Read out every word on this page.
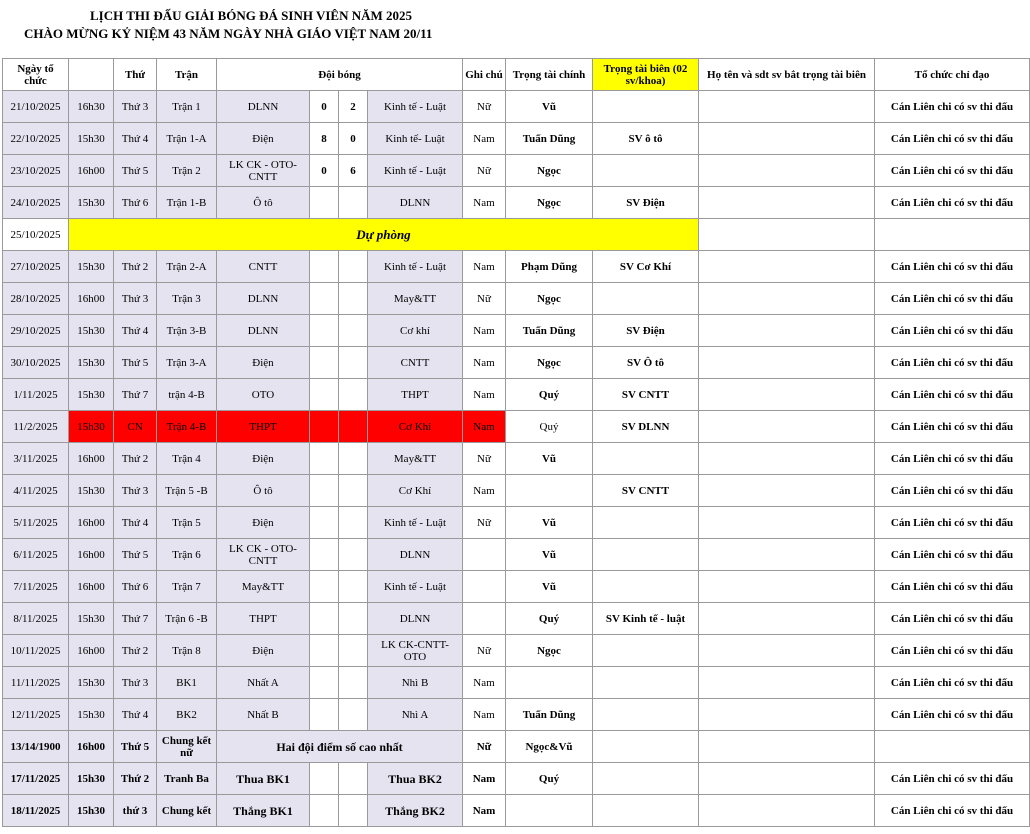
LỊCH THI ĐẤU GIẢI BÓNG ĐÁ SINH VIÊN NĂM 2025
CHÀO MỪNG KỶ NIỆM 43 NĂM NGÀY NHÀ GIÁO VIỆT NAM 20/11
Ngày tổ chức		Thứ	Trận	Đội bóng				Ghi chú	Trọng tài chính	Trọng tài biên (02 sv/khoa)	Họ tên và sdt sv bắt trọng tài biên	Tổ chức chỉ đạo
21/10/2025	16h30	Thứ 3	Trận 1	DLNN	0	2	Kinh tế - Luật	Nữ	Vũ			Cán Liên chi có sv thi đấu
22/10/2025	15h30	Thứ 4	Trận 1-A	Điện	8	0	Kinh tế- Luật	Nam	Tuấn Dũng	SV ô tô		Cán Liên chi có sv thi đấu
23/10/2025	16h00	Thứ 5	Trận 2	LK CK - OTO-CNTT	0	6	Kinh tế - Luật	Nữ	Ngọc			Cán Liên chi có sv thi đấu
24/10/2025	15h30	Thứ 6	Trận 1-B	Ô tô			DLNN	Nam	Ngọc	SV Điện		Cán Liên chi có sv thi đấu
25/10/2025	Dự phòng											
27/10/2025	15h30	Thứ 2	Trận 2-A	CNTT			Kinh tế - Luật	Nam	Phạm Dũng	SV Cơ Khí		Cán Liên chi có sv thi đấu
28/10/2025	16h00	Thứ 3	Trận 3	DLNN			May&TT	Nữ	Ngọc			Cán Liên chi có sv thi đấu
29/10/2025	15h30	Thứ 4	Trận 3-B	DLNN			Cơ khí	Nam	Tuấn Dũng	SV Điện		Cán Liên chi có sv thi đấu
30/10/2025	15h30	Thứ 5	Trận 3-A	Điện			CNTT	Nam	Ngọc	SV Ô tô		Cán Liên chi có sv thi đấu
1/11/2025	15h30	Thứ 7	trận 4-B	OTO			THPT	Nam	Quý	SV CNTT		Cán Liên chi có sv thi đấu
11/2/2025	15h30	CN	Trận 4-B	THPT			Cơ Khí	Nam	Quý	SV DLNN		Cán Liên chi có sv thi đấu
3/11/2025	16h00	Thứ 2	Trận 4	Điện			May&TT	Nữ	Vũ			Cán Liên chi có sv thi đấu
4/11/2025	15h30	Thứ 3	Trận 5 -B	Ô tô			Cơ Khí	Nam		SV CNTT		Cán Liên chi có sv thi đấu
5/11/2025	16h00	Thứ 4	Trận 5	Điện			Kinh tế - Luật	Nữ	Vũ			Cán Liên chi có sv thi đấu
6/11/2025	16h00	Thứ 5	Trận 6	LK CK - OTO-CNTT			DLNN		Vũ			Cán Liên chi có sv thi đấu
7/11/2025	16h00	Thứ 6	Trận 7	May&TT			Kinh tế - Luật		Vũ			Cán Liên chi có sv thi đấu
8/11/2025	15h30	Thứ 7	Trận 6 -B	THPT			DLNN		Quý	SV Kinh tế - luật		Cán Liên chi có sv thi đấu
10/11/2025	16h00	Thứ 2	Trận 8	Điện			LK CK-CNTT-OTO	Nữ	Ngọc			Cán Liên chi có sv thi đấu
11/11/2025	15h30	Thứ 3	BK1	Nhất A			Nhì B	Nam				Cán Liên chi có sv thi đấu
12/11/2025	15h30	Thứ 4	BK2	Nhất B			Nhì A	Nam	Tuấn Dũng			Cán Liên chi có sv thi đấu
13/14/1900	16h00	Thứ 5	Chung kết nữ	Hai đội điểm số cao nhất				Nữ	Ngọc&Vũ			
17/11/2025	15h30	Thứ 2	Tranh Ba	Thua BK1			Thua BK2	Nam	Quý			Cán Liên chi có sv thi đấu
18/11/2025	15h30	thứ 3	Chung kết	Thắng BK1			Thắng BK2	Nam				Cán Liên chi có sv thi đấu
